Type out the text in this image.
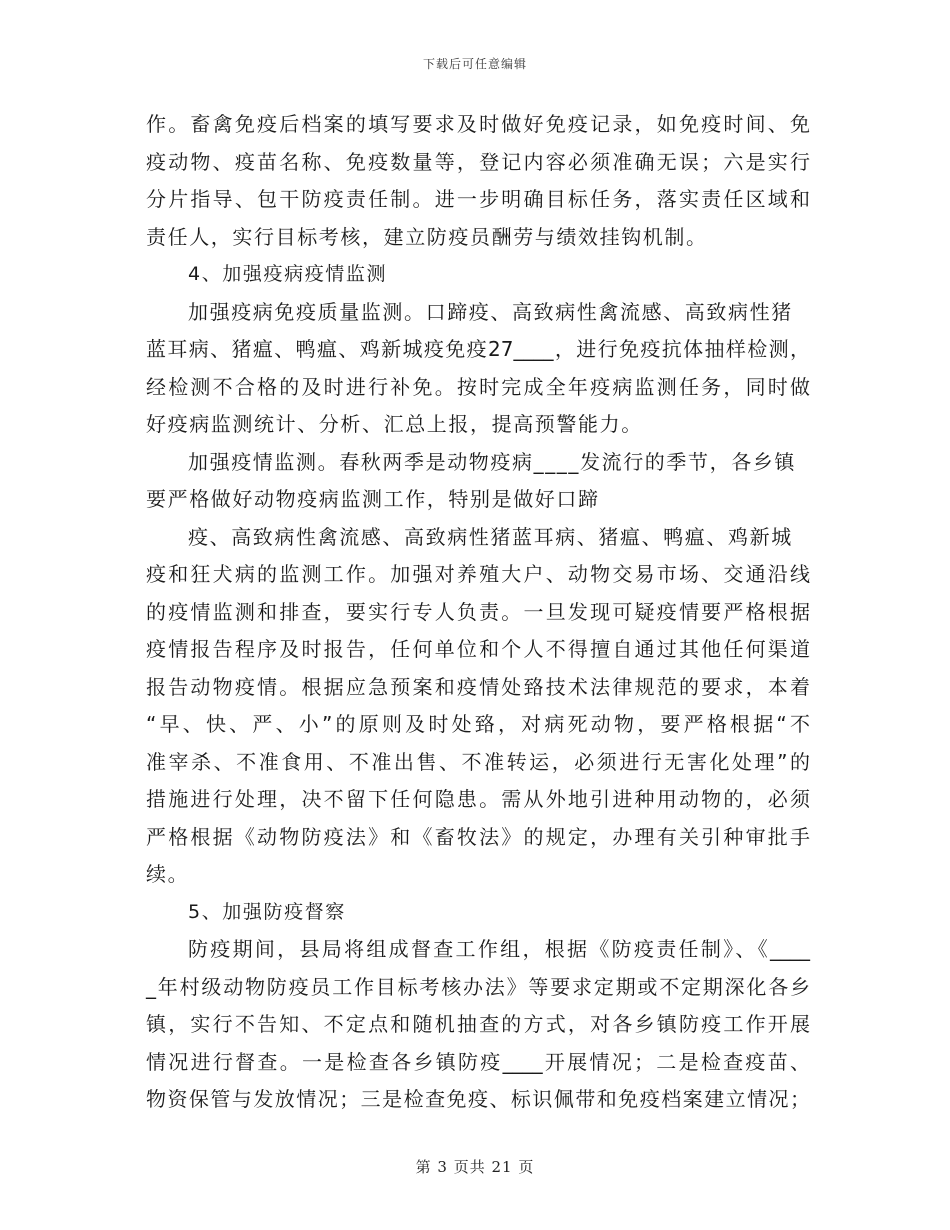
下载后可任意编辑
作。畜禽免疫后档案的填写要求及时做好免疫记录，如免疫时间、免
疫动物、疫苗名称、免疫数量等，登记内容必须准确无误；六是实行
分片指导、包干防疫责任制。进一步明确目标任务，落实责任区域和
责任人，实行目标考核，建立防疫员酬劳与绩效挂钩机制。
4、加强疫病疫情监测
加强疫病免疫质量监测。口蹄疫、高致病性禽流感、高致病性猪
蓝耳病、猪瘟、鸭瘟、鸡新城疫免疫27____，进行免疫抗体抽样检测，
经检测不合格的及时进行补免。按时完成全年疫病监测任务，同时做
好疫病监测统计、分析、汇总上报，提高预警能力。
加强疫情监测。春秋两季是动物疫病____发流行的季节，各乡镇
要严格做好动物疫病监测工作，特别是做好口蹄
疫、高致病性禽流感、高致病性猪蓝耳病、猪瘟、鸭瘟、鸡新城
疫和狂犬病的监测工作。加强对养殖大户、动物交易市场、交通沿线
的疫情监测和排查，要实行专人负责。一旦发现可疑疫情要严格根据
疫情报告程序及时报告，任何单位和个人不得擅自通过其他任何渠道
报告动物疫情。根据应急预案和疫情处臵技术法律规范的要求，本着
“早、快、严、小”的原则及时处臵，对病死动物，要严格根据“不
准宰杀、不准食用、不准出售、不准转运，必须进行无害化处理”的
措施进行处理，决不留下任何隐患。需从外地引进种用动物的，必须
严格根据《动物防疫法》和《畜牧法》的规定，办理有关引种审批手
续。
5、加强防疫督察
防疫期间，县局将组成督查工作组，根据《防疫责任制》、《____
_年村级动物防疫员工作目标考核办法》等要求定期或不定期深化各乡
镇，实行不告知、不定点和随机抽查的方式，对各乡镇防疫工作开展
情况进行督查。一是检查各乡镇防疫____开展情况；二是检查疫苗、
物资保管与发放情况；三是检查免疫、标识佩带和免疫档案建立情况；
第 3 页共 21 页
